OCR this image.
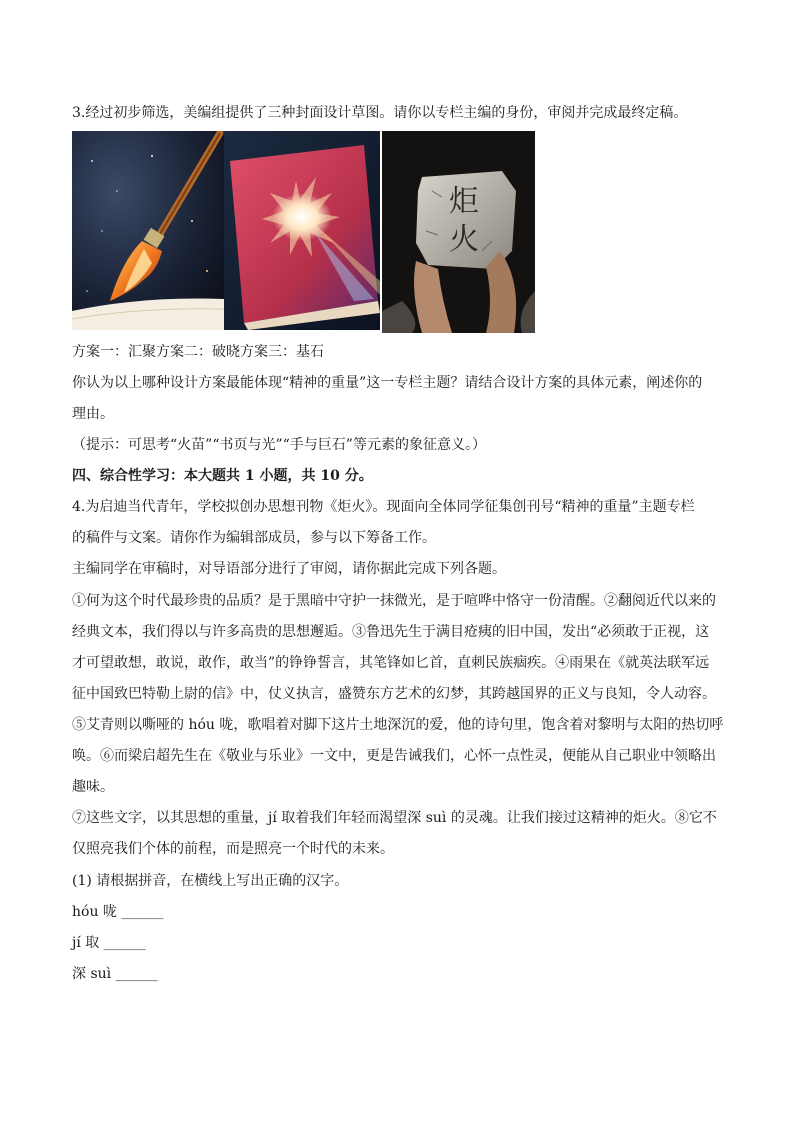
3.经过初步筛选，美编组提供了三种封面设计草图。请你以专栏主编的身份，审阅并完成最终定稿。
炬
火
方案一：汇聚方案二：破晓方案三：基石
你认为以上哪种设计方案最能体现“精神的重量”这一专栏主题？请结合设计方案的具体元素，阐述你的
理由。
（提示：可思考“火苗”“书页与光”“手与巨石”等元素的象征意义。）
四、综合性学习：本大题共 1 小题，共 10 分。
4.为启迪当代青年，学校拟创办思想刊物《炬火》。现面向全体同学征集创刊号“精神的重量”主题专栏
的稿件与文案。请你作为编辑部成员，参与以下筹备工作。
主编同学在审稿时，对导语部分进行了审阅，请你据此完成下列各题。
①何为这个时代最珍贵的品质？是于黑暗中守护一抹微光，是于喧哗中恪守一份清醒。②翻阅近代以来的
经典文本，我们得以与许多高贵的思想邂逅。③鲁迅先生于满目疮痍的旧中国，发出“必须敢于正视，这
才可望敢想，敢说，敢作，敢当”的铮铮誓言，其笔锋如匕首，直刺民族痼疾。④雨果在《就英法联军远
征中国致巴特勒上尉的信》中，仗义执言，盛赞东方艺术的幻梦，其跨越国界的正义与良知，令人动容。
⑤艾青则以嘶哑的 hóu 咙，歌唱着对脚下这片土地深沉的爱，他的诗句里，饱含着对黎明与太阳的热切呼
唤。⑥而梁启超先生在《敬业与乐业》一文中，更是告诫我们，心怀一点性灵，便能从自己职业中领略出
趣味。
⑦这些文字，以其思想的重量，jí 取着我们年轻而渴望深 suì 的灵魂。让我们接过这精神的炬火。⑧它不
仅照亮我们个体的前程，而是照亮一个时代的未来。
(1) 请根据拼音，在横线上写出正确的汉字。
hóu 咙 ______
jí 取 ______
深 suì ______
